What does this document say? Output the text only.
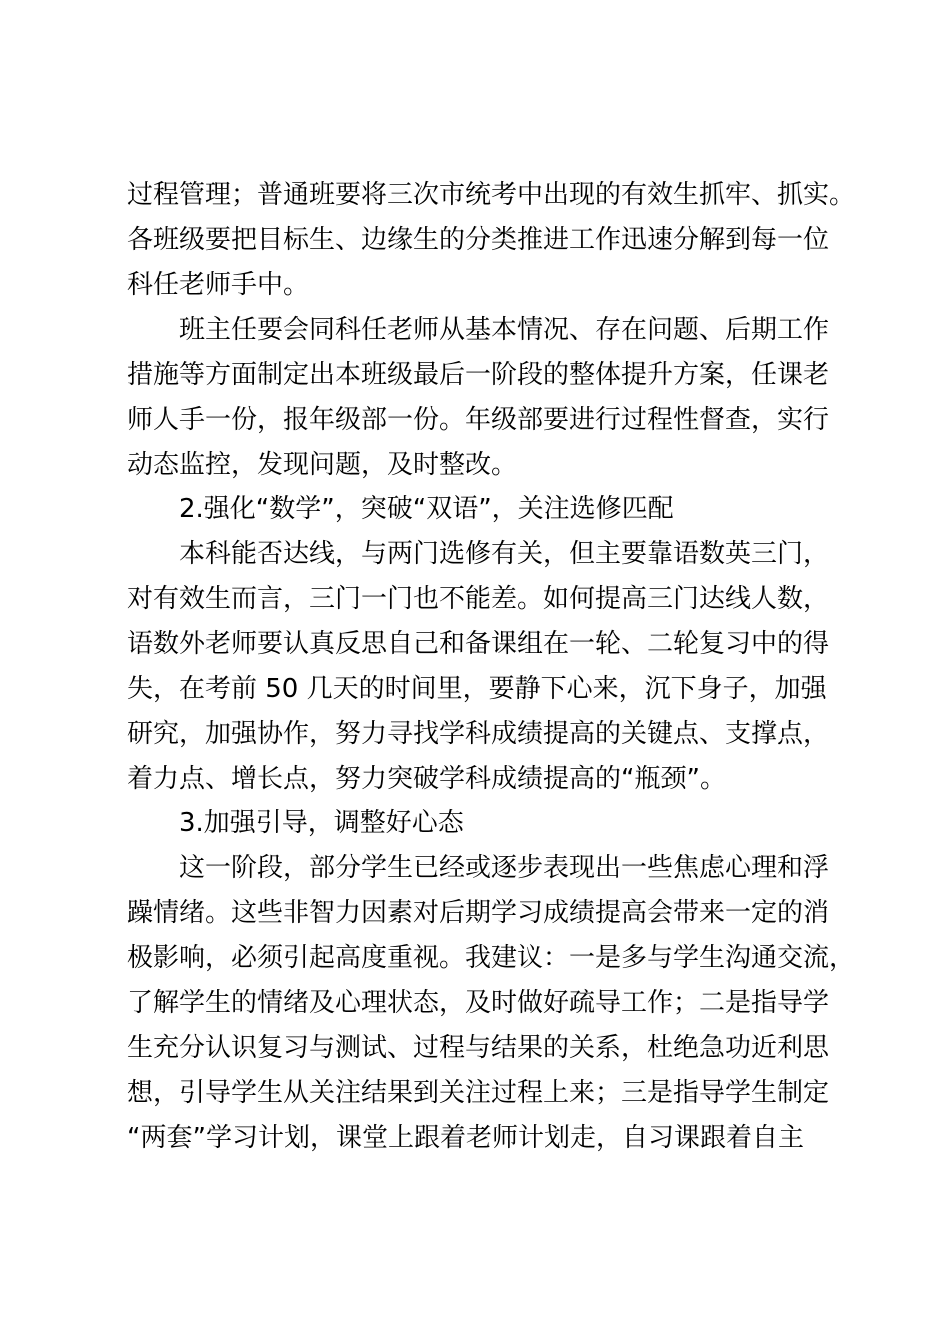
过程管理；普通班要将三次市统考中出现的有效生抓牢、抓实。
各班级要把目标生、边缘生的分类推进工作迅速分解到每一位
科任老师手中。
班主任要会同科任老师从基本情况、存在问题、后期工作
措施等方面制定出本班级最后一阶段的整体提升方案，任课老
师人手一份，报年级部一份。年级部要进行过程性督查，实行
动态监控，发现问题，及时整改。
2.强化“数学”，突破“双语”，关注选修匹配
本科能否达线，与两门选修有关，但主要靠语数英三门，
对有效生而言，三门一门也不能差。如何提高三门达线人数，
语数外老师要认真反思自己和备课组在一轮、二轮复习中的得
失，在考前 50 几天的时间里，要静下心来，沉下身子，加强
研究，加强协作，努力寻找学科成绩提高的关键点、支撑点，
着力点、增长点，努力突破学科成绩提高的“瓶颈”。
3.加强引导，调整好心态
这一阶段，部分学生已经或逐步表现出一些焦虑心理和浮
躁情绪。这些非智力因素对后期学习成绩提高会带来一定的消
极影响，必须引起高度重视。我建议：一是多与学生沟通交流，
了解学生的情绪及心理状态，及时做好疏导工作；二是指导学
生充分认识复习与测试、过程与结果的关系，杜绝急功近利思
想，引导学生从关注结果到关注过程上来；三是指导学生制定
“两套”学习计划，课堂上跟着老师计划走，自习课跟着自主
